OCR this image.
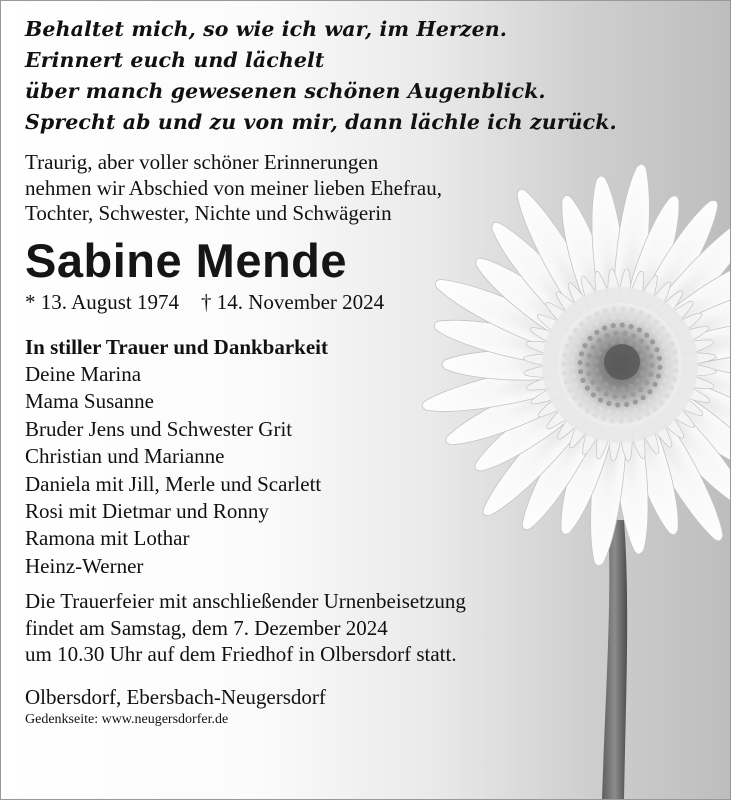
Behaltet mich, so wie ich war, im Herzen.
Erinnert euch und lächelt
über manch gewesenen schönen Augenblick.
Sprecht ab und zu von mir, dann lächle ich zurück.
Traurig, aber voller schöner Erinnerungen
nehmen wir Abschied von meiner lieben Ehefrau,
Tochter, Schwester, Nichte und Schwägerin
Sabine Mende
* 13. August 1974 † 14. November 2024
In stiller Trauer und Dankbarkeit
Deine Marina
Mama Susanne
Bruder Jens und Schwester Grit
Christian und Marianne
Daniela mit Jill, Merle und Scarlett
Rosi mit Dietmar und Ronny
Ramona mit Lothar
Heinz-Werner
Die Trauerfeier mit anschließender Urnenbeisetzung
findet am Samstag, dem 7. Dezember 2024
um 10.30 Uhr auf dem Friedhof in Olbersdorf statt.
Olbersdorf, Ebersbach-Neugersdorf
Gedenkseite: www.neugersdorfer.de
